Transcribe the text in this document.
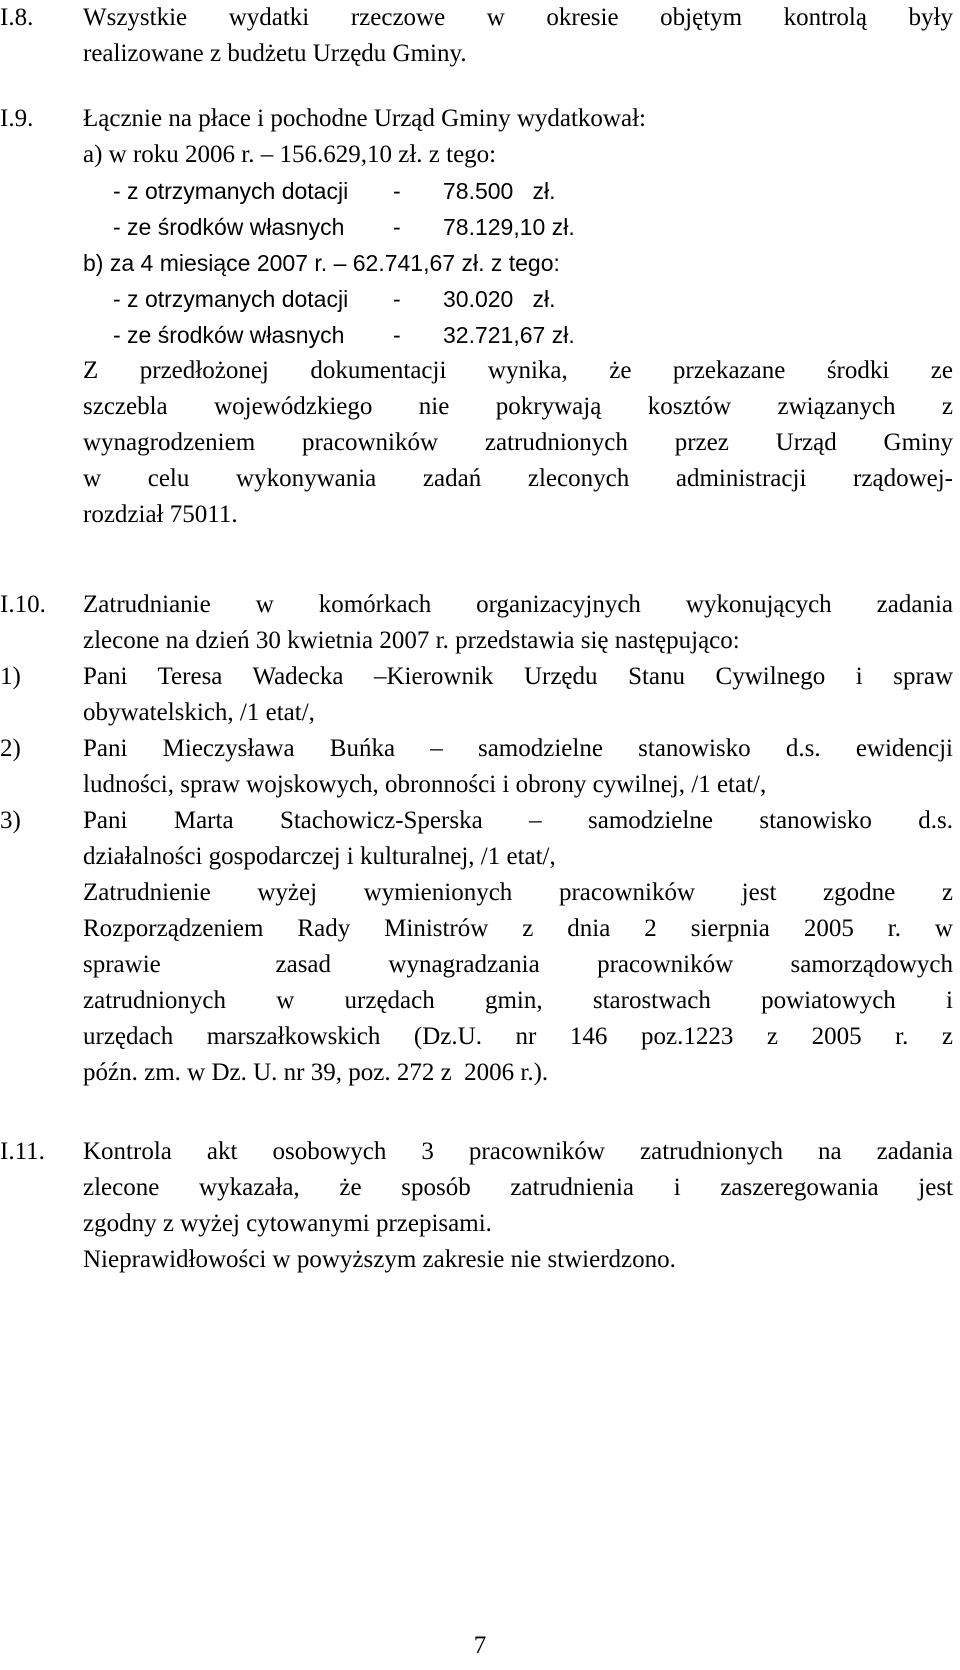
I.8. Wszystkie wydatki rzeczowe w okresie objętym kontrolą były
realizowane z budżetu Urzędu Gminy.
I.9. Łącznie na płace i pochodne Urząd Gminy wydatkował:
a) w roku 2006 r. – 156.629,10 zł. z tego:
- z otrzymanych dotacji - 78.500   zł.
- ze środków własnych - 78.129,10 zł.
b) za 4 miesiące 2007 r. – 62.741,67 zł. z tego:
- z otrzymanych dotacji - 30.020   zł.
- ze środków własnych - 32.721,67 zł.
Z przedłożonej dokumentacji wynika, że przekazane środki ze
szczebla wojewódzkiego nie pokrywają kosztów związanych z
wynagrodzeniem pracowników zatrudnionych przez Urząd Gminy
w celu wykonywania zadań zleconych administracji rządowej-
rozdział 75011.
I.10. Zatrudnianie w komórkach organizacyjnych wykonujących zadania
zlecone na dzień 30 kwietnia 2007 r. przedstawia się następująco:
1) Pani Teresa Wadecka –Kierownik Urzędu Stanu Cywilnego i spraw
obywatelskich, /1 etat/,
2) Pani Mieczysława Buńka – samodzielne stanowisko d.s. ewidencji
ludności, spraw wojskowych, obronności i obrony cywilnej, /1 etat/,
3) Pani Marta Stachowicz-Sperska – samodzielne stanowisko d.s.
działalności gospodarczej i kulturalnej, /1 etat/,
Zatrudnienie wyżej wymienionych pracowników jest zgodne z
Rozporządzeniem Rady Ministrów z dnia 2 sierpnia 2005 r. w
sprawie  zasad wynagradzania pracowników samorządowych
zatrudnionych w urzędach gmin, starostwach powiatowych i
urzędach marszałkowskich (Dz.U. nr 146 poz.1223 z 2005 r. z
późn. zm. w Dz. U. nr 39, poz. 272 z  2006 r.).
I.11. Kontrola akt osobowych 3 pracowników zatrudnionych na zadania
zlecone wykazała, że sposób zatrudnienia i zaszeregowania jest
zgodny z wyżej cytowanymi przepisami.
Nieprawidłowości w powyższym zakresie nie stwierdzono.
7
